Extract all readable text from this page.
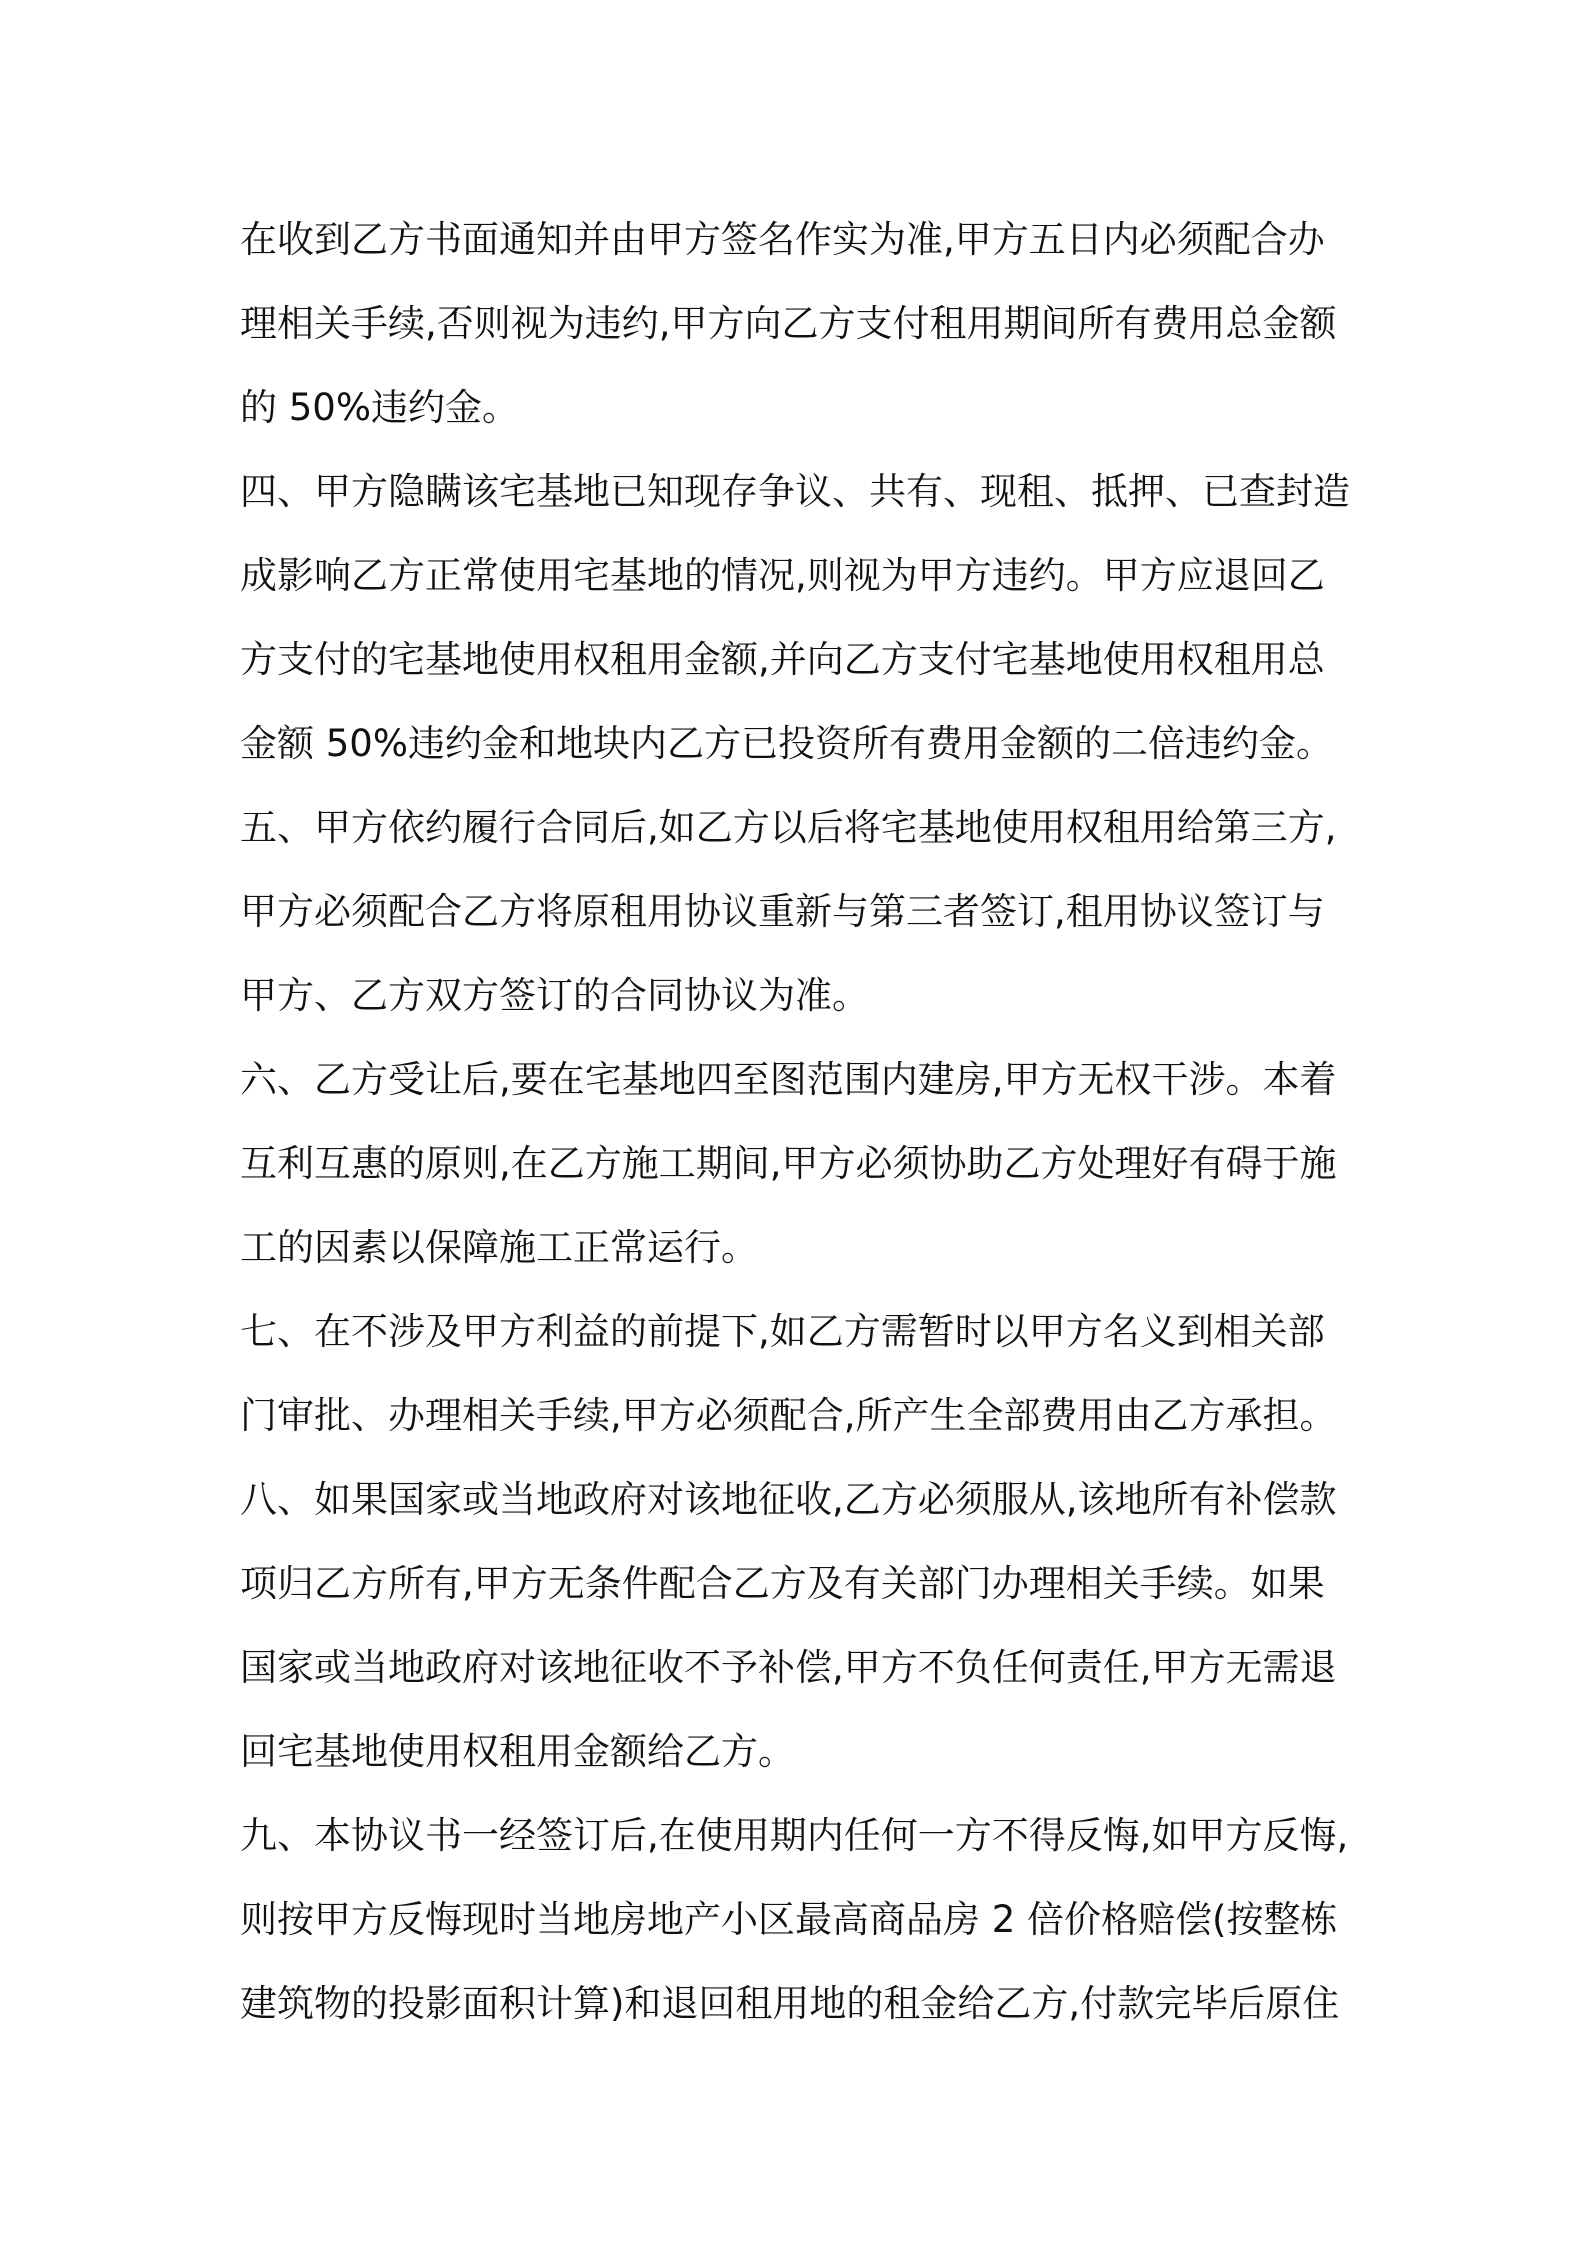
在收到乙方书面通知并由甲方签名作实为准,甲方五日内必须配合办
理相关手续,否则视为违约,甲方向乙方支付租用期间所有费用总金额
的 50%违约金。
四、甲方隐瞒该宅基地已知现存争议、共有、现租、抵押、已查封造
成影响乙方正常使用宅基地的情况,则视为甲方违约。甲方应退回乙
方支付的宅基地使用权租用金额,并向乙方支付宅基地使用权租用总
金额 50%违约金和地块内乙方已投资所有费用金额的二倍违约金。
五、甲方依约履行合同后,如乙方以后将宅基地使用权租用给第三方,
甲方必须配合乙方将原租用协议重新与第三者签订,租用协议签订与
甲方、乙方双方签订的合同协议为准。
六、乙方受让后,要在宅基地四至图范围内建房,甲方无权干涉。本着
互利互惠的原则,在乙方施工期间,甲方必须协助乙方处理好有碍于施
工的因素以保障施工正常运行。
七、在不涉及甲方利益的前提下,如乙方需暂时以甲方名义到相关部
门审批、办理相关手续,甲方必须配合,所产生全部费用由乙方承担。
八、如果国家或当地政府对该地征收,乙方必须服从,该地所有补偿款
项归乙方所有,甲方无条件配合乙方及有关部门办理相关手续。如果
国家或当地政府对该地征收不予补偿,甲方不负任何责任,甲方无需退
回宅基地使用权租用金额给乙方。
九、本协议书一经签订后,在使用期内任何一方不得反悔,如甲方反悔,
则按甲方反悔现时当地房地产小区最高商品房 2 倍价格赔偿(按整栋
建筑物的投影面积计算)和退回租用地的租金给乙方,付款完毕后原住
